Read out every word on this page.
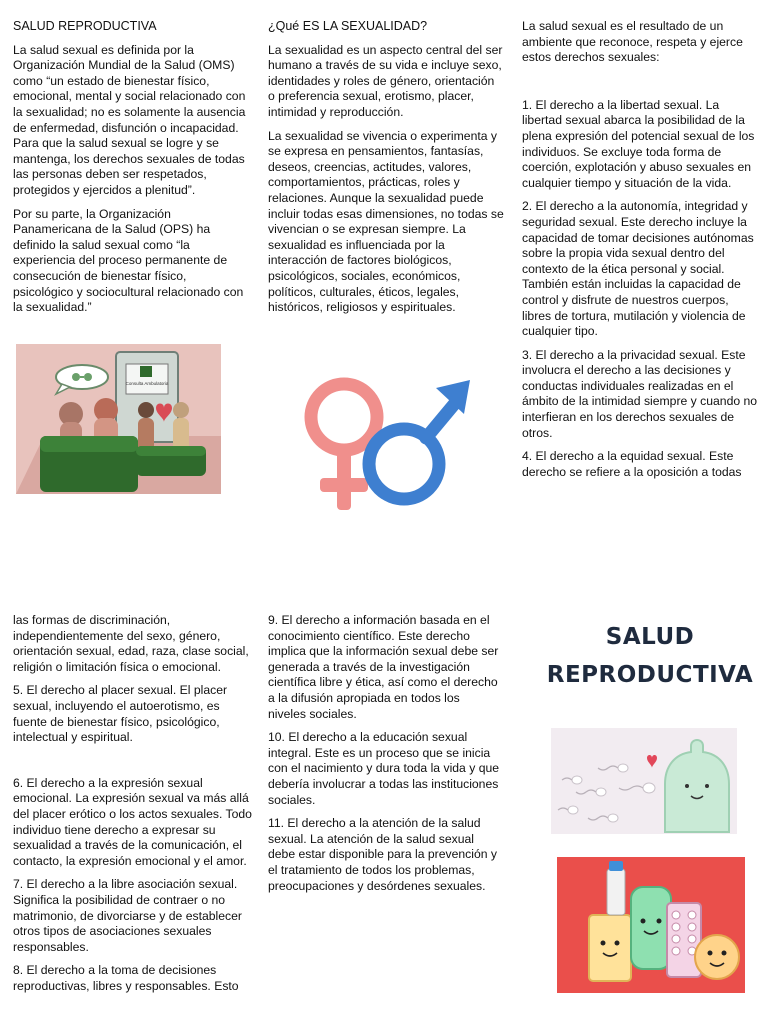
SALUD REPRODUCTIVA

La salud sexual es definida por la Organización Mundial de la Salud (OMS) como “un estado de bienestar físico, emocional, mental y social relacionado con la sexualidad; no es solamente la ausencia de enfermedad, disfunción o incapacidad. Para que la salud sexual se logre y se mantenga, los derechos sexuales de todas las personas deben ser respetados, protegidos y ejercidos a plenitud”.

Por su parte, la Organización Panamericana de la Salud (OPS) ha definido la salud sexual como “la experiencia del proceso permanente de consecución de bienestar físico, psicológico y sociocultural relacionado con la sexualidad.”

Consulta Ambulatoria
¿Qué ES LA SEXUALIDAD?

La sexualidad es un aspecto central del ser humano a través de su vida e incluye sexo, identidades y roles de género, orientación o preferencia sexual, erotismo, placer, intimidad y reproducción.

La sexualidad se vivencia o experimenta y se expresa en pensamientos, fantasías, deseos, creencias, actitudes, valores, comportamientos, prácticas, roles y relaciones. Aunque la sexualidad puede incluir todas esas dimensiones, no todas se vivencian o se expresan siempre. La sexualidad es influenciada por la interacción de factores biológicos, psicológicos, sociales, económicos, políticos, culturales, éticos, legales, históricos, religiosos y espirituales.

La salud sexual es el resultado de un ambiente que reconoce, respeta y ejerce estos derechos sexuales:

1. El derecho a la libertad sexual. La libertad sexual abarca la posibilidad de la plena expresión del potencial sexual de los individuos. Se excluye toda forma de coerción, explotación y abuso sexuales en cualquier tiempo y situación de la vida.

2. El derecho a la autonomía, integridad y seguridad sexual. Este derecho incluye la capacidad de tomar decisiones autónomas sobre la propia vida sexual dentro del contexto de la ética personal y social. También están incluidas la capacidad de control y disfrute de nuestros cuerpos, libres de tortura, mutilación y violencia de cualquier tipo.

3. El derecho a la privacidad sexual. Este involucra el derecho a las decisiones y conductas individuales realizadas en el ámbito de la intimidad siempre y cuando no interfieran en los derechos sexuales de otros.

4. El derecho a la equidad sexual. Este derecho se refiere a la oposición a todas

las formas de discriminación, independientemente del sexo, género, orientación sexual, edad, raza, clase social, religión o limitación física o emocional.

5. El derecho al placer sexual. El placer sexual, incluyendo el autoerotismo, es fuente de bienestar físico, psicológico, intelectual y espiritual.

6. El derecho a la expresión sexual emocional. La expresión sexual va más allá del placer erótico o los actos sexuales. Todo individuo tiene derecho a expresar su sexualidad a través de la comunicación, el contacto, la expresión emocional y el amor.

7. El derecho a la libre asociación sexual. Significa la posibilidad de contraer o no matrimonio, de divorciarse y de establecer otros tipos de asociaciones sexuales responsables.

8. El derecho a la toma de decisiones reproductivas, libres y responsables. Esto

9. El derecho a información basada en el conocimiento científico. Este derecho implica que la información sexual debe ser generada a través de la investigación científica libre y ética, así como el derecho a la difusión apropiada en todos los niveles sociales.

10. El derecho a la educación sexual integral. Este es un proceso que se inicia con el nacimiento y dura toda la vida y que debería involucrar a todas las instituciones sociales.

11. El derecho a la atención de la salud sexual. La atención de la salud sexual debe estar disponible para la prevención y el tratamiento de todos los problemas, preocupaciones y desórdenes sexuales.

SALUD
REPRODUCTIVA
